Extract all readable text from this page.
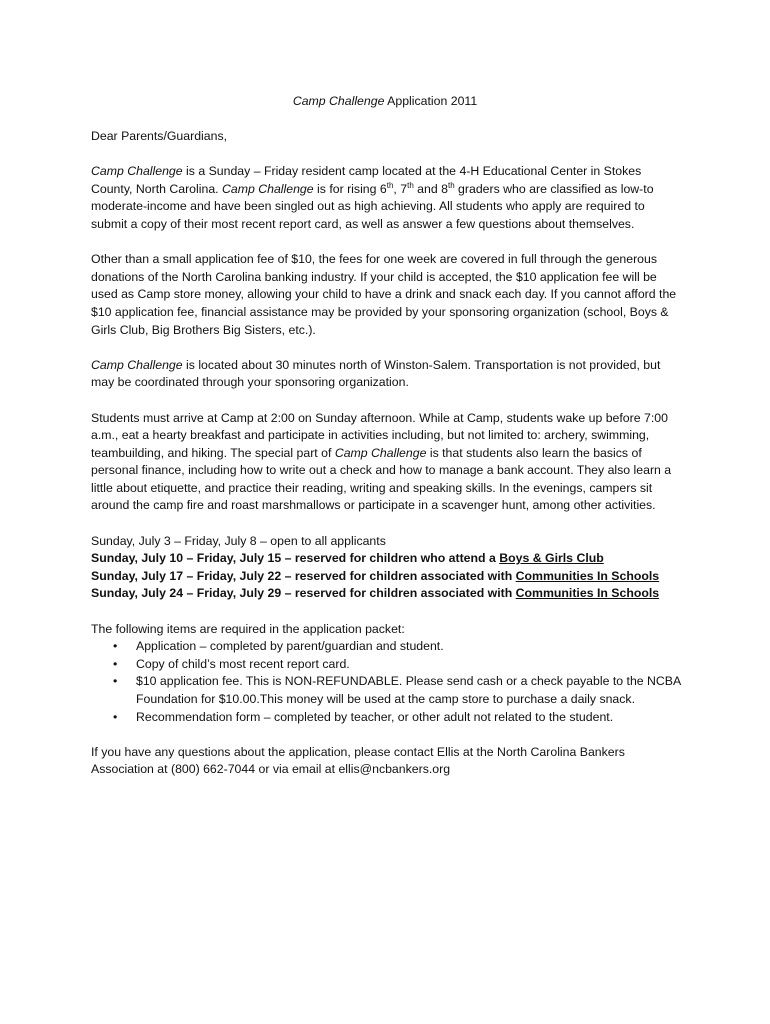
Camp Challenge Application 2011

Dear Parents/Guardians,

Camp Challenge is a Sunday – Friday resident camp located at the 4-H Educational Center in Stokes County, North Carolina. Camp Challenge is for rising 6th, 7th and 8th graders who are classified as low-to moderate-income and have been singled out as high achieving. All students who apply are required to submit a copy of their most recent report card, as well as answer a few questions about themselves.

Other than a small application fee of $10, the fees for one week are covered in full through the generous donations of the North Carolina banking industry. If your child is accepted, the $10 application fee will be used as Camp store money, allowing your child to have a drink and snack each day. If you cannot afford the $10 application fee, financial assistance may be provided by your sponsoring organization (school, Boys & Girls Club, Big Brothers Big Sisters, etc.).

Camp Challenge is located about 30 minutes north of Winston-Salem. Transportation is not provided, but may be coordinated through your sponsoring organization.

Students must arrive at Camp at 2:00 on Sunday afternoon. While at Camp, students wake up before 7:00 a.m., eat a hearty breakfast and participate in activities including, but not limited to: archery, swimming, teambuilding, and hiking. The special part of Camp Challenge is that students also learn the basics of personal finance, including how to write out a check and how to manage a bank account. They also learn a little about etiquette, and practice their reading, writing and speaking skills. In the evenings, campers sit around the camp fire and roast marshmallows or participate in a scavenger hunt, among other activities.

Sunday, July 3 – Friday, July 8 – open to all applicants
Sunday, July 10 – Friday, July 15 – reserved for children who attend a Boys & Girls Club
Sunday, July 17 – Friday, July 22 – reserved for children associated with Communities In Schools
Sunday, July 24 – Friday, July 29 – reserved for children associated with Communities In Schools
The following items are required in the application packet:
• Application – completed by parent/guardian and student.
• Copy of child’s most recent report card.
• $10 application fee. This is NON-REFUNDABLE. Please send cash or a check payable to the NCBA Foundation for $10.00.This money will be used at the camp store to purchase a daily snack.
• Recommendation form – completed by teacher, or other adult not related to the student.

If you have any questions about the application, please contact Ellis at the North Carolina Bankers Association at (800) 662-7044 or via email at ellis@ncbankers.org
